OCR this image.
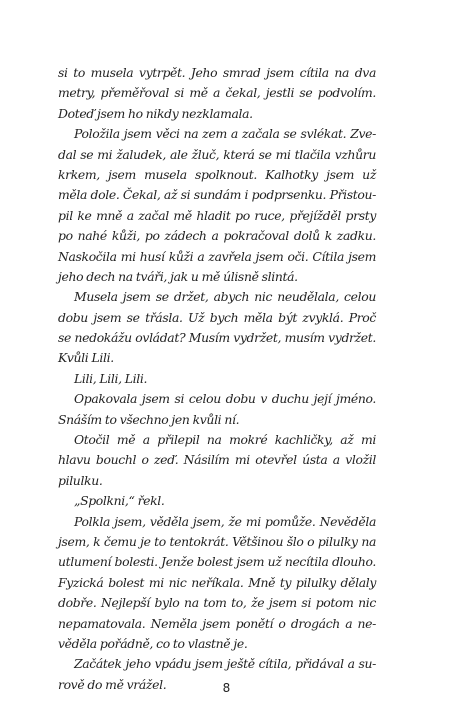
si to musela vytrpět. Jeho smrad jsem cítila na dva
metry, přeměřoval si mě a čekal, jestli se podvolím.
Doteď jsem ho nikdy nezklamala.
Položila jsem věci na zem a začala se svlékat. Zve-
dal se mi žaludek, ale žluč, která se mi tlačila vzhůru
krkem, jsem musela spolknout. Kalhotky jsem už
měla dole. Čekal, až si sundám i podprsenku. Přistou-
pil ke mně a začal mě hladit po ruce, přejížděl prsty
po nahé kůži, po zádech a pokračoval dolů k zadku.
Naskočila mi husí kůži a zavřela jsem oči. Cítila jsem
jeho dech na tváři, jak u mě úlisně slintá.
Musela jsem se držet, abych nic neudělala, celou
dobu jsem se třásla. Už bych měla být zvyklá. Proč
se nedokážu ovládat? Musím vydržet, musím vydržet.
Kvůli Lili.
Lili, Lili, Lili.
Opakovala jsem si celou dobu v duchu její jméno.
Snáším to všechno jen kvůli ní.
Otočil mě a přilepil na mokré kachličky, až mi
hlavu bouchl o zeď. Násilím mi otevřel ústa a vložil
pilulku.
„Spolkni,“ řekl.
Polkla jsem, věděla jsem, že mi pomůže. Nevěděla
jsem, k čemu je to tentokrát. Většinou šlo o pilulky na
utlumení bolesti. Jenže bolest jsem už necítila dlouho.
Fyzická bolest mi nic neříkala. Mně ty pilulky dělaly
dobře. Nejlepší bylo na tom to, že jsem si potom nic
nepamatovala. Neměla jsem ponětí o drogách a ne-
věděla pořádně, co to vlastně je.
Začátek jeho vpádu jsem ještě cítila, přidával a su-
rově do mě vrážel.	8
